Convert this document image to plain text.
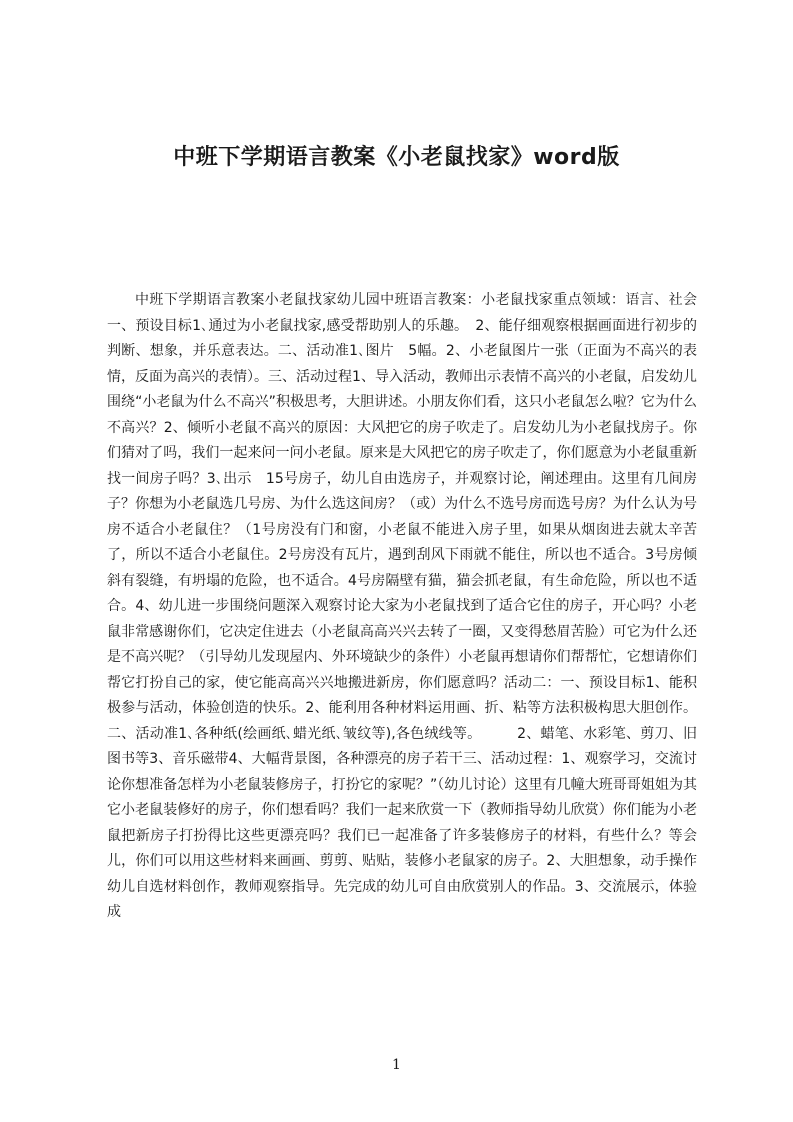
中班下学期语言教案《小老鼠找家》word版

中班下学期语言教案小老鼠找家幼儿园中班语言教案：小老鼠找家重点领域：语言、社会一、预设目标1､通过为小老鼠找家,感受帮助别人的乐趣。　2、能仔细观察根据画面进行初步的判断、想象，并乐意表达。二、活动准1､图片　5幅。2、小老鼠图片一张（正面为不高兴的表情，反面为高兴的表情）。三、活动过程1、导入活动，教师出示表情不高兴的小老鼠，启发幼儿围绕“小老鼠为什么不高兴”积极思考，大胆讲述。小朋友你们看，这只小老鼠怎么啦？它为什么不高兴？2、倾听小老鼠不高兴的原因：大风把它的房子吹走了。启发幼儿为小老鼠找房子。你们猜对了吗，我们一起来问一问小老鼠。原来是大风把它的房子吹走了，你们愿意为小老鼠重新找一间房子吗？3､出示　15号房子，幼儿自由选房子，并观察讨论，阐述理由。这里有几间房子？你想为小老鼠选几号房、为什么选这间房？（或）为什么不选号房而选号房？为什么认为号房不适合小老鼠住？（1号房没有门和窗，小老鼠不能进入房子里，如果从烟囱进去就太辛苦了，所以不适合小老鼠住。2号房没有瓦片，遇到刮风下雨就不能住，所以也不适合。3号房倾斜有裂缝，有坍塌的危险，也不适合。4号房隔壁有猫，猫会抓老鼠，有生命危险，所以也不适合。4、幼儿进一步围绕问题深入观察讨论大家为小老鼠找到了适合它住的房子，开心吗？小老鼠非常感谢你们，它决定住进去（小老鼠高高兴兴去转了一圈，又变得愁眉苦脸）可它为什么还是不高兴呢？（引导幼儿发现屋内、外环境缺少的条件）小老鼠再想请你们帮帮忙，它想请你们帮它打扮自己的家，使它能高高兴兴地搬进新房，你们愿意吗？活动二：一、预设目标1、能积极参与活动，体验创造的快乐。2、能利用各种材料运用画、折、粘等方法积极构思大胆创作。二、活动准1､各种纸(绘画纸､蜡光纸､皱纹等),各色绒线等。　　　2、蜡笔、水彩笔、剪刀、旧图书等3、音乐磁带4、大幅背景图，各种漂亮的房子若干三、活动过程：1、观察学习，交流讨论你想准备怎样为小老鼠装修房子，打扮它的家呢？”（幼儿讨论）这里有几幢大班哥哥姐姐为其它小老鼠装修好的房子，你们想看吗？我们一起来欣赏一下（教师指导幼儿欣赏）你们能为小老鼠把新房子打扮得比这些更漂亮吗？我们已一起准备了许多装修房子的材料，有些什么？等会儿，你们可以用这些材料来画画、剪剪、贴贴，装修小老鼠家的房子。2、大胆想象，动手操作幼儿自选材料创作，教师观察指导。先完成的幼儿可自由欣赏别人的作品。3、交流展示，体验成

1
